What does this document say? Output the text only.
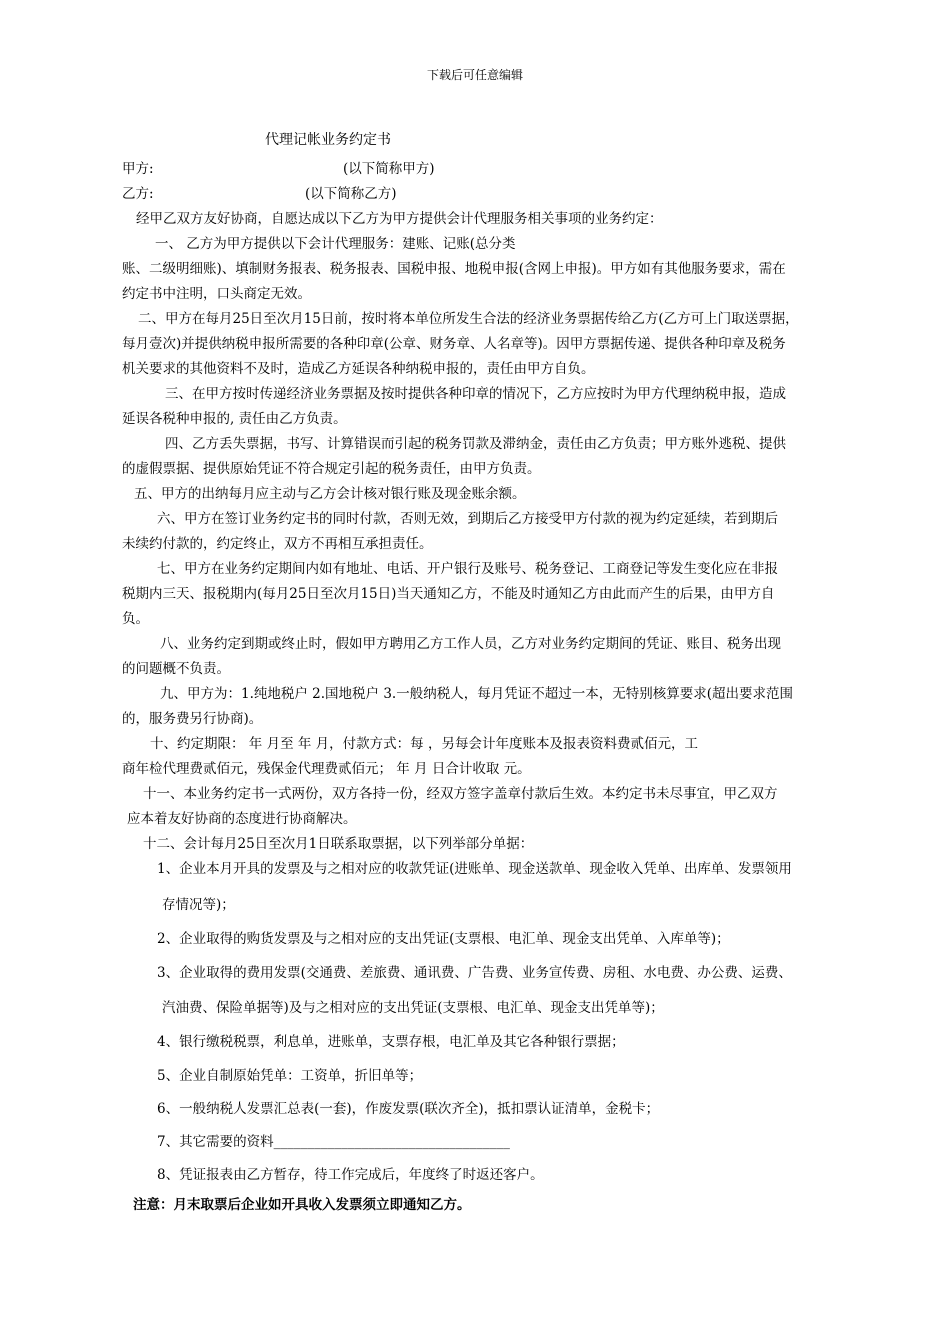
下载后可任意编辑
代理记帐业务约定书
甲方:	(以下简称甲方)
乙方:	(以下简称乙方)
经甲乙双方友好协商，自愿达成以下乙方为甲方提供会计代理服务相关事项的业务约定：
一、 乙方为甲方提供以下会计代理服务：建账、记账(总分类
账、二级明细账)、填制财务报表、税务报表、国税申报、地税申报(含网上申报)。甲方如有其他服务要求，需在
约定书中注明，口头商定无效。
二、甲方在每月25日至次月15日前，按时将本单位所发生合法的经济业务票据传给乙方(乙方可上门取送票据，
每月壹次)并提供纳税申报所需要的各种印章(公章、财务章、人名章等)。因甲方票据传递、提供各种印章及税务
机关要求的其他资料不及时，造成乙方延误各种纳税申报的，责任由甲方自负。
三、在甲方按时传递经济业务票据及按时提供各种印章的情况下，乙方应按时为甲方代理纳税申报，造成
延误各税种申报的, 责任由乙方负责。
四、乙方丢失票据，书写、计算错误而引起的税务罚款及滞纳金，责任由乙方负责；甲方账外逃税、提供
的虚假票据、提供原始凭证不符合规定引起的税务责任，由甲方负责。
五、甲方的出纳每月应主动与乙方会计核对银行账及现金账余额。
六、甲方在签订业务约定书的同时付款，否则无效，到期后乙方接受甲方付款的视为约定延续，若到期后
未续约付款的，约定终止，双方不再相互承担责任。
七、甲方在业务约定期间内如有地址、电话、开户银行及账号、税务登记、工商登记等发生变化应在非报
税期内三天、报税期内(每月25日至次月15日)当天通知乙方，不能及时通知乙方由此而产生的后果，由甲方自
负。
八、业务约定到期或终止时，假如甲方聘用乙方工作人员，乙方对业务约定期间的凭证、账目、税务出现
的问题概不负责。
九、甲方为：1.纯地税户 2.国地税户 3.一般纳税人，每月凭证不超过一本，无特别核算要求(超出要求范围
的，服务费另行协商)。
十、约定期限： 年 月至 年 月，付款方式：每 ，另每会计年度账本及报表资料费贰佰元，工
商年检代理费贰佰元，残保金代理费贰佰元； 年 月 日合计收取 元。
十一、本业务约定书一式两份，双方各持一份，经双方签字盖章付款后生效。本约定书未尽事宜，甲乙双方
应本着友好协商的态度进行协商解决。
十二、会计每月25日至次月1日联系取票据，以下列举部分单据：
1、企业本月开具的发票及与之相对应的收款凭证(进账单、现金送款单、现金收入凭单、出库单、发票领用
存情况等)；
2、企业取得的购货发票及与之相对应的支出凭证(支票根、电汇单、现金支出凭单、入库单等)；
3、企业取得的费用发票(交通费、差旅费、通讯费、广告费、业务宣传费、房租、水电费、办公费、运费、
汽油费、保险单据等)及与之相对应的支出凭证(支票根、电汇单、现金支出凭单等)；
4、银行缴税税票，利息单，进账单，支票存根，电汇单及其它各种银行票据；
5、企业自制原始凭单：工资单，折旧单等；
6、一般纳税人发票汇总表(一套)，作废发票(联次齐全)，抵扣票认证清单，金税卡；
7、其它需要的资料___________________________________
8、凭证报表由乙方暂存，待工作完成后，年度终了时返还客户。
注意：月末取票后企业如开具收入发票须立即通知乙方。
